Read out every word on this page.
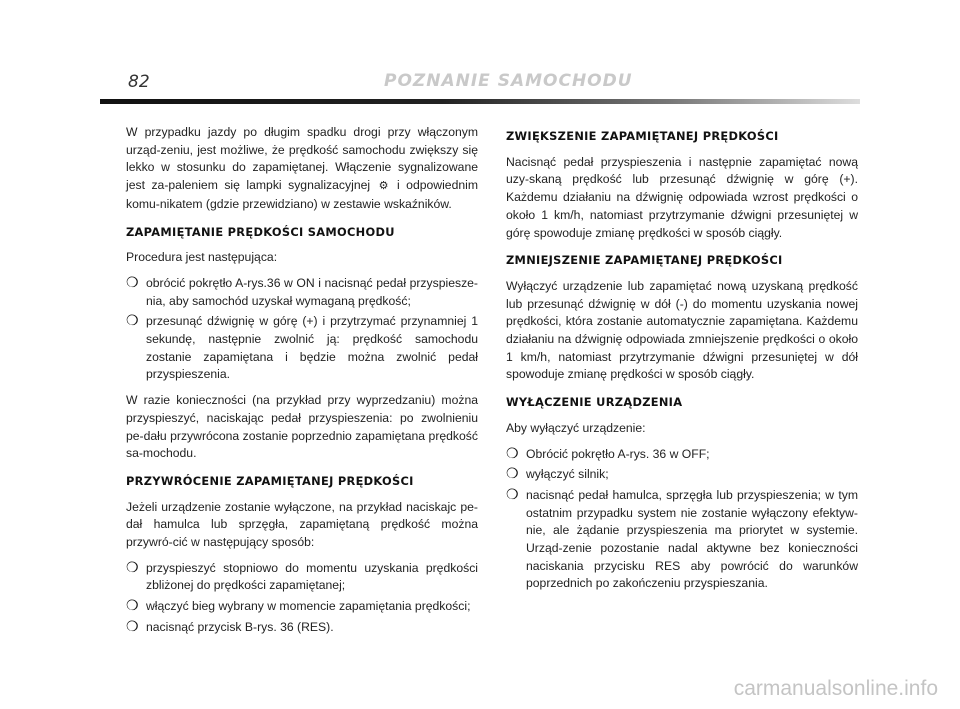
82	POZNANIE SAMOCHODU

W przypadku jazdy po długim spadku drogi przy włączonym urząd-zeniu, jest możliwe, że prędkość samochodu zwiększy się lekko w stosunku do zapamiętanej. Włączenie sygnalizowane jest za-paleniem się lampki sygnalizacyjnej ⚙ i odpowiednim komu-nikatem (gdzie przewidziano) w zestawie wskaźników.

ZAPAMIĘTANIE PRĘDKOŚCI SAMOCHODU

Procedura jest następująca:

❍ obrócić pokrętło A-rys.36 w ON i nacisnąć pedał przyspiesze-nia, aby samochód uzyskał wymaganą prędkość;
❍ przesunąć dźwignię w górę (+) i przytrzymać przynamniej 1 sekundę, następnie zwolnić ją: prędkość samochodu zostanie zapamiętana i będzie można zwolnić pedał przyspieszenia.

W razie konieczności (na przykład przy wyprzedzaniu) można przyspieszyć, naciskając pedał przyspieszenia: po zwolnieniu pe-dału przywrócona zostanie poprzednio zapamiętana prędkość sa-mochodu.

PRZYWRÓCENIE ZAPAMIĘTANEJ PRĘDKOŚCI

Jeżeli urządzenie zostanie wyłączone, na przykład naciskajc pe-dał hamulca lub sprzęgła, zapamiętaną prędkość można przywró-cić w następujący sposób:

❍ przyspieszyć stopniowo do momentu uzyskania prędkości zbliżonej do prędkości zapamiętanej;
❍ włączyć bieg wybrany w momencie zapamiętania prędkości;
❍ nacisnąć przycisk B-rys. 36 (RES).
ZWIĘKSZENIE ZAPAMIĘTANEJ PRĘDKOŚCI

Nacisnąć pedał przyspieszenia i następnie zapamiętać nową uzy-skaną prędkość lub przesunąć dźwignię w górę (+). Każdemu działaniu na dźwignię odpowiada wzrost prędkości o około 1 km/h, natomiast przytrzymanie dźwigni przesuniętej w górę spowoduje zmianę prędkości w sposób ciągły.

ZMNIEJSZENIE ZAPAMIĘTANEJ PRĘDKOŚCI

Wyłączyć urządzenie lub zapamiętać nową uzyskaną prędkość lub przesunąć dźwignię w dół (-) do momentu uzyskania nowej prędkości, która zostanie automatycznie zapamiętana. Każdemu działaniu na dźwignię odpowiada zmniejszenie prędkości o około 1 km/h, natomiast przytrzymanie dźwigni przesuniętej w dół spowoduje zmianę prędkości w sposób ciągły.

WYŁĄCZENIE URZĄDZENIA

Aby wyłączyć urządzenie:

❍ Obrócić pokrętło A-rys. 36 w OFF;
❍ wyłączyć silnik;
❍ nacisnąć pedał hamulca, sprzęgła lub przyspieszenia; w tym ostatnim przypadku system nie zostanie wyłączony efektyw-nie, ale żądanie przyspieszenia ma priorytet w systemie. Urząd-zenie pozostanie nadal aktywne bez konieczności naciskania przycisku RES aby powrócić do warunków poprzednich po zakończeniu przyspieszania.
carmanualsonline.info
